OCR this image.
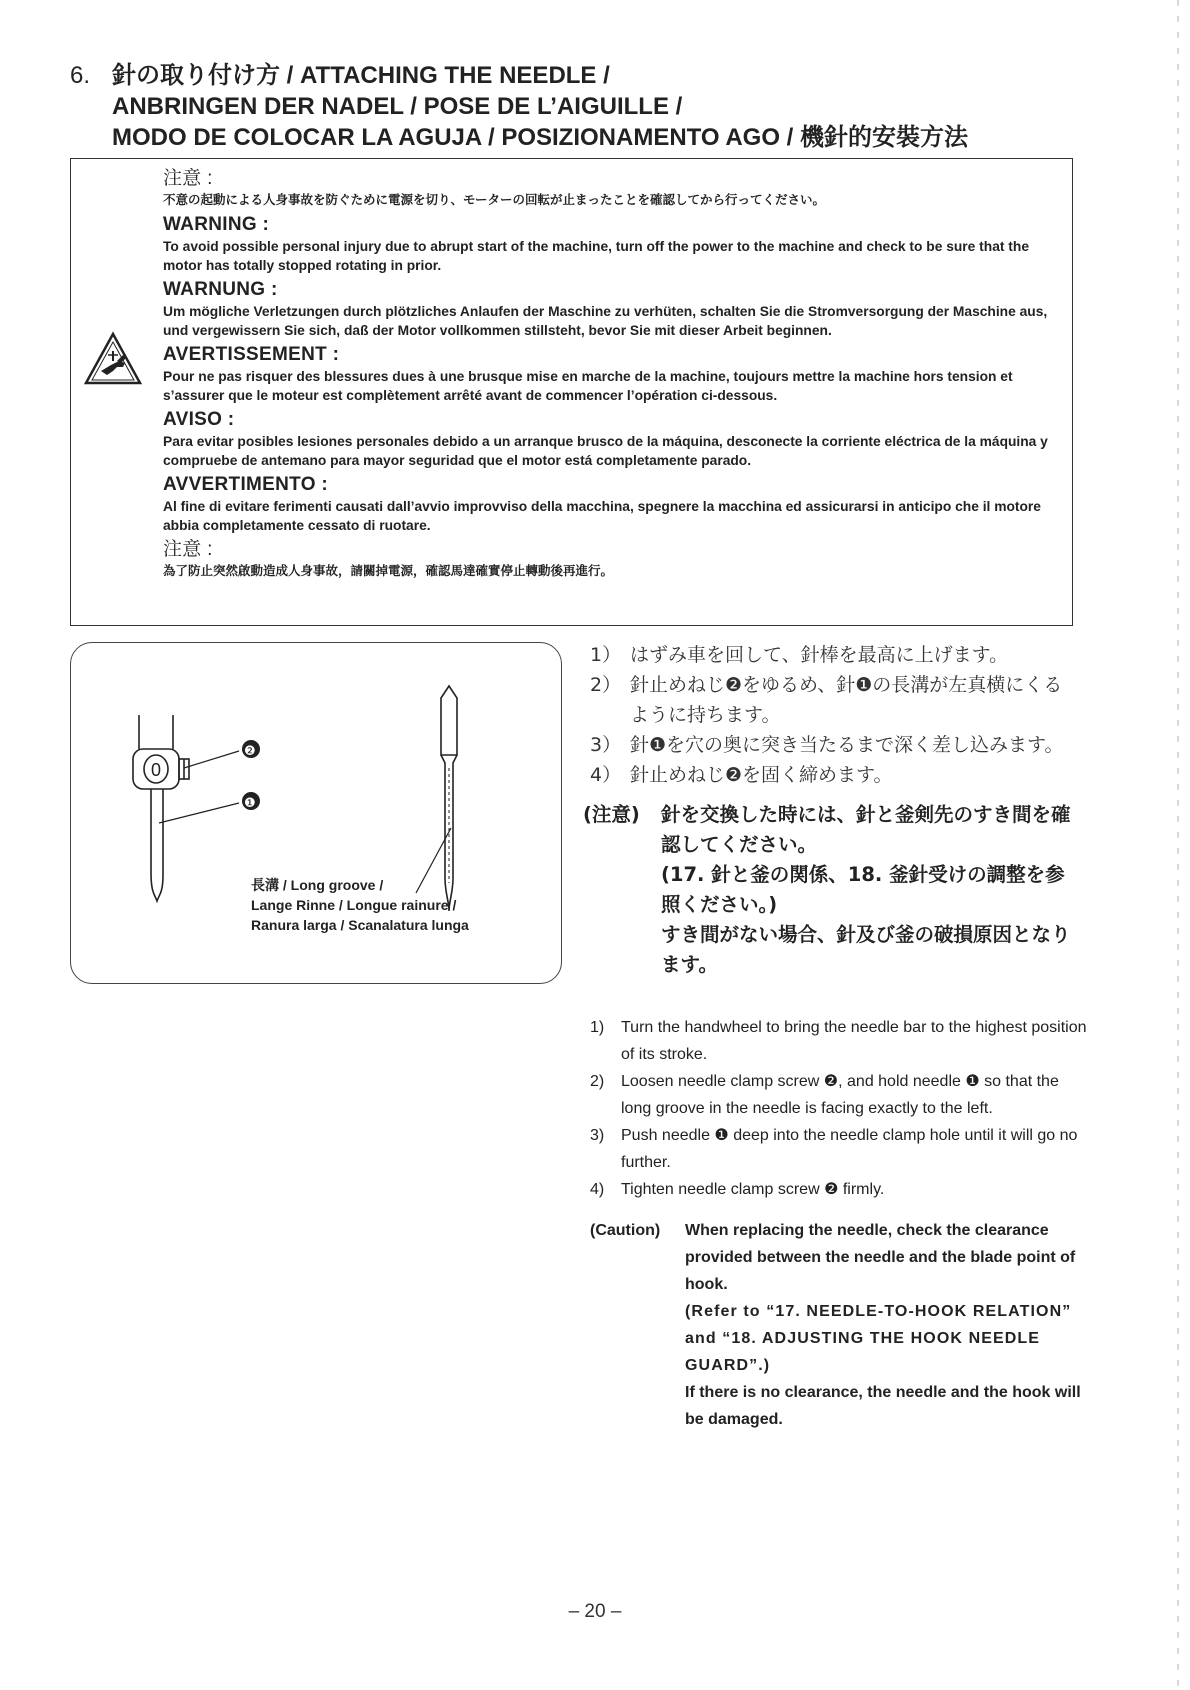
6. 針の取り付け方 / ATTACHING THE NEEDLE /
ANBRINGEN DER NADEL / POSE DE L’AIGUILLE /
MODO DE COLOCAR LA AGUJA / POSIZIONAMENTO AGO / 機針的安裝方法
注意 :
不意の起動による人身事故を防ぐために電源を切り、モーターの回転が止まったことを確認してから行ってください。
WARNING :
To avoid possible personal injury due to abrupt start of the machine, turn off the power to the machine and check to be sure that the motor has totally stopped rotating in prior.
WARNUNG :
Um mögliche Verletzungen durch plötzliches Anlaufen der Maschine zu verhüten, schalten Sie die Stromversorgung der Maschine aus, und vergewissern Sie sich, daß der Motor vollkommen stillsteht, bevor Sie mit dieser Arbeit beginnen.
AVERTISSEMENT :
Pour ne pas risquer des blessures dues à une brusque mise en marche de la machine, toujours mettre la machine hors tension et s’assurer que le moteur est complètement arrêté avant de commencer l’opération ci-dessous.
AVISO :
Para evitar posibles lesiones personales debido a un arranque brusco de la máquina, desconecte la corriente eléctrica de la máquina y compruebe de antemano para mayor seguridad que el motor está completamente parado.
AVVERTIMENTO :
Al fine di evitare ferimenti causati dall’avvio improvviso della macchina, spegnere la macchina ed assicurarsi in anticipo che il motore abbia completamente cessato di ruotare.
注意 :
為了防止突然啟動造成人身事故，請關掉電源，確認馬達確實停止轉動後再進行。
0
❷
❶
長溝 / Long groove /
Lange Rinne / Longue rainure /
Ranura larga / Scanalatura lunga
1） はずみ車を回して、針棒を最高に上げます。
2） 針止めねじ❷をゆるめ、針❶の長溝が左真横にくる
ように持ちます。
3） 針❶を穴の奥に突き当たるまで深く差し込みます。
4） 針止めねじ❷を固く締めます。
(注意) 針を交換した時には、針と釜剣先のすき間を確
認してください。
(17. 針と釜の関係、18. 釜針受けの調整を参
照ください。)
すき間がない場合、針及び釜の破損原因となり
ます。
1)	Turn the handwheel to bring the needle bar to the highest position of its stroke.
2)	Loosen needle clamp screw ❷, and hold needle ❶ so that the long groove in the needle is facing exactly to the left.
3)	Push needle ❶ deep into the needle clamp hole until it will go no further.
4)	Tighten needle clamp screw ❷ firmly.
(Caution)	When replacing the needle, check the clearance provided between the needle and the blade point of hook.
(Refer to “17. NEEDLE-TO-HOOK RELATION” and “18. ADJUSTING THE HOOK NEEDLE GUARD”.)
If there is no clearance, the needle and the hook will be damaged.
– 20 –
